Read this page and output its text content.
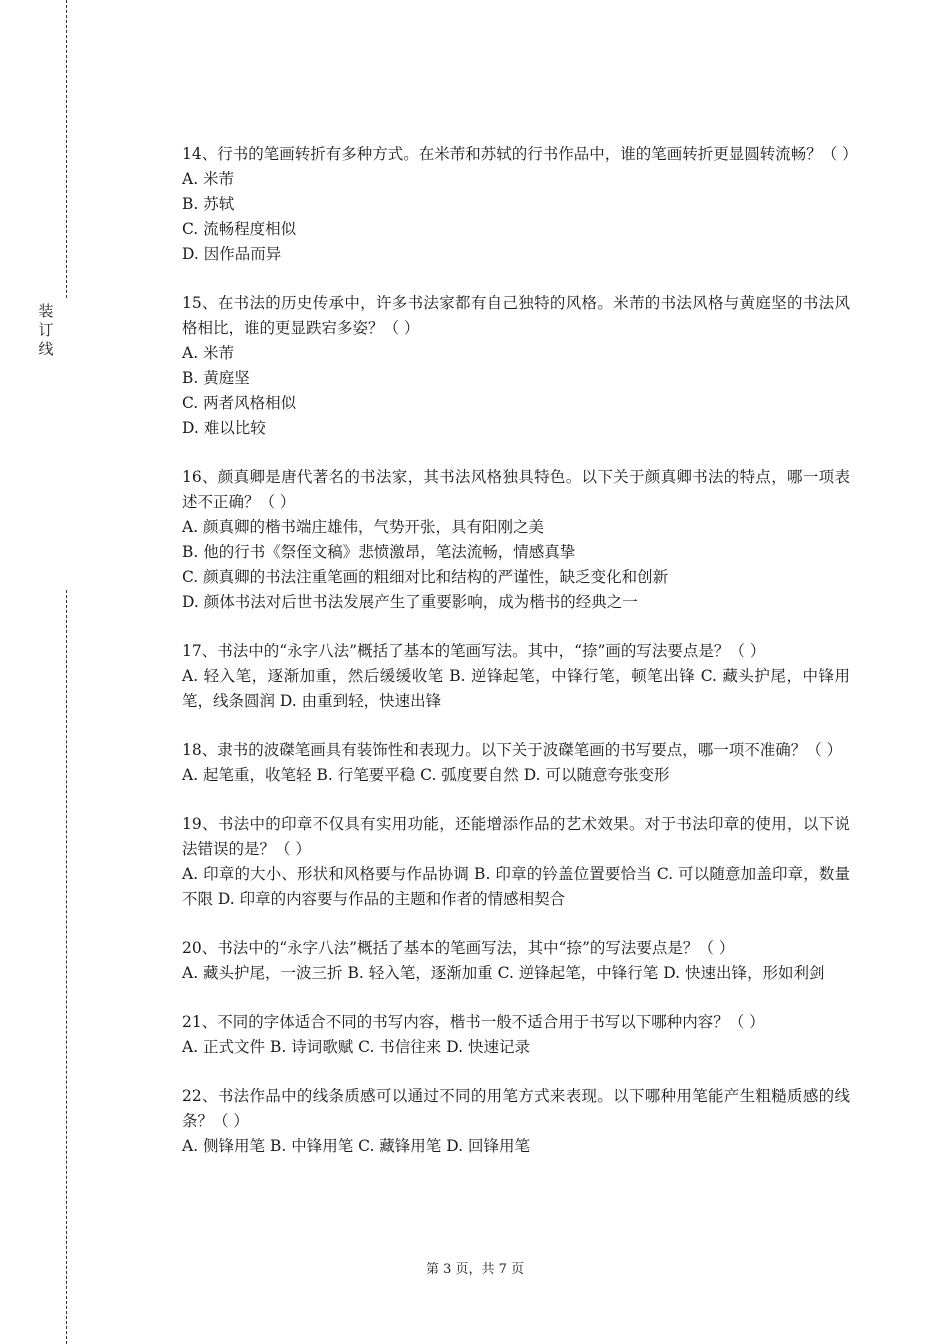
装
订
线

14、行书的笔画转折有多种方式。在米芾和苏轼的行书作品中，谁的笔画转折更显圆转流畅？（ ）

A. 米芾
B. 苏轼
C. 流畅程度相似
D. 因作品而异

15、在书法的历史传承中，许多书法家都有自己独特的风格。米芾的书法风格与黄庭坚的书法风格相比，谁的更显跌宕多姿？（ ）

A. 米芾
B. 黄庭坚
C. 两者风格相似
D. 难以比较

16、颜真卿是唐代著名的书法家，其书法风格独具特色。以下关于颜真卿书法的特点，哪一项表述不正确？（ ）

A. 颜真卿的楷书端庄雄伟，气势开张，具有阳刚之美
B. 他的行书《祭侄文稿》悲愤激昂，笔法流畅，情感真挚
C. 颜真卿的书法注重笔画的粗细对比和结构的严谨性，缺乏变化和创新
D. 颜体书法对后世书法发展产生了重要影响，成为楷书的经典之一

17、书法中的“永字八法”概括了基本的笔画写法。其中，“捺”画的写法要点是？（ ）

A. 轻入笔，逐渐加重，然后缓缓收笔 B. 逆锋起笔，中锋行笔，顿笔出锋 C. 藏头护尾，中锋用笔，线条圆润 D. 由重到轻，快速出锋

18、隶书的波磔笔画具有装饰性和表现力。以下关于波磔笔画的书写要点，哪一项不准确？（ ）

A. 起笔重，收笔轻 B. 行笔要平稳 C. 弧度要自然 D. 可以随意夸张变形

19、书法中的印章不仅具有实用功能，还能增添作品的艺术效果。对于书法印章的使用，以下说法错误的是？（ ）

A. 印章的大小、形状和风格要与作品协调 B. 印章的钤盖位置要恰当 C. 可以随意加盖印章，数量不限 D. 印章的内容要与作品的主题和作者的情感相契合

20、书法中的“永字八法”概括了基本的笔画写法，其中“捺”的写法要点是？（ ）

A. 藏头护尾，一波三折 B. 轻入笔，逐渐加重 C. 逆锋起笔，中锋行笔 D. 快速出锋，形如利剑

21、不同的字体适合不同的书写内容，楷书一般不适合用于书写以下哪种内容？（ ）

A. 正式文件 B. 诗词歌赋 C. 书信往来 D. 快速记录

22、书法作品中的线条质感可以通过不同的用笔方式来表现。以下哪种用笔能产生粗糙质感的线条？（ ）

A. 侧锋用笔 B. 中锋用笔 C. 藏锋用笔 D. 回锋用笔

第 3 页，共 7 页
